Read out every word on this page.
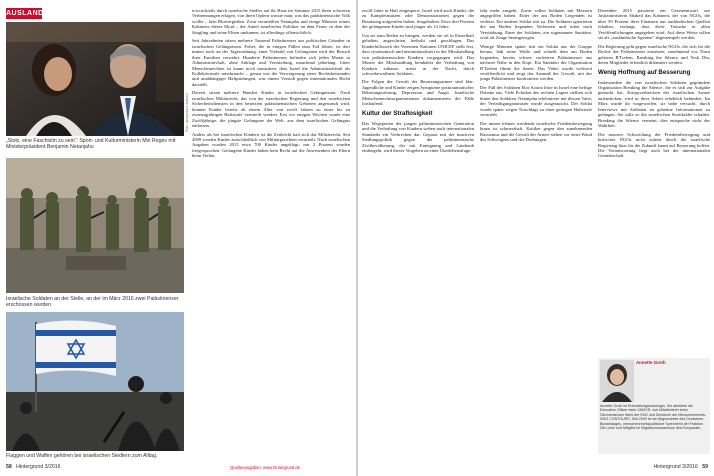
AUSLAND
Foto: dpa/picture alliance
„Stolz, eine Faschistin zu sein": Sport- und Kulturministerin Miri Regev mit Ministerpräsident Benjamin Netanjahu
Israelische Soldaten an der Stelle, an der im März 2016 zwei Palästinenser erschossen wurden
Flaggen und Waffen gehören bei israelischen Siedlern zum Alltag.
towcockteils durch israelische Siedler auf ihr Haus im Sommer 2015 ihren schweren Verbrennungen erlagen, von ihren Opfern wusste man, was das palästinensische Volk wollte – kein Blutvergießen. Zwar verurteilten Netanjahu und einige Minister seines Kabinetts dieses Mord – der Anteil israelischer Politiker an dem Feuer, in dem der Säugling und seine Eltern umkamen, ist allerdings offensichtlich.
Seit Jahrzehnten sitzen mehrere Tausend Palästinenser aus politischen Gründen in israelischen Gefängnissen. Folter, die in einigen Fällen zum Tod führte, ist dort immer noch an der Tagesordnung, einer Vielzahl von Gefangenen wird der Besuch ihrer Familien verwehrt. Hunderte Palästinenser befinden sich jeden Monat in Administrativhaft, ohne Anklage und Verurteilung, manchmal jahrelang. Unter Menschenrechten ist kaum noch umstritten, dass Israel die Administrativhaft als Kollektivstrafe missbraucht – genau wie die Verweigerung eines Rechtsbeistandes und unabhängiger Haftprüfungen, was einem Verstoß gegen internationales Recht darstellt.
Derzeit sitzen mehrere Hundert Kinder in israelischen Gefängnissen. Nach israelischen Militärrecht, das von der israelischen Regierung und den israelischen Sicherheitsdiensten in den besetzten palästinensischen Gebieten angewandt wird, können Kinder bereits ab einem Alter von zwölf Jahren zu einer bis zu zwanzigjährigen Haftstrafe verurteilt werden. Erst vor einigen Wochen wurde eine Zwölfjährige, die jüngste Gefangene der Welt, aus dem israelischen Gefängnis entlassen.
Anders als bei israelischen Kindern ist die Zeitleicht halt sich das Militärrecht. Seit 2009 werden Kinder ausschließlich von Militärgerichten verurteilt. Nach israelischen Angaben wurden 2015 etwa 700 Kinder angeklagt; nur 2 Prozent wurden freigesprochen. Gefangene Kinder haben kein Recht auf die Anwesenheit der Eltern beim Verhör.
58 Hintergrund 3/2016	Quellenangaben: www.hintergrund.de
zwölf Jahre in Haft eingesperrt. Israel wird auch Kinder, die zu Kampfeinsätzen oder Demonstrationen gegen die Besatzung aufgerufen haben, festgehalten. Etwa drei Prozent der gefangenen Kinder sind jünger als 14 Jahre.
Um sie zum Reden zu bringen, werden sie oft in Einzelhaft gehalten, angeschrien, bedroht und geschlagen. Das Kinderhilfswerk der Vereinten Nationen UNICEF stellt fest, dass systematisch und institutionalisiert in der Misshandlung von palästinensischen Kindern vorgegangen wird. Das Muster der Misshandlung beinhaltet die Verhaftung von Kindern zuhause, meist in der Nacht, durch schwerbewaffnete Soldaten.
Die Folgen der Gewalt der Besatzungsarmee sind klar: Jugendliche und Kinder zeigen Symptome posttraumatischer Belastungsstörung, Depression und Angst. Israelische Menschenrechtsorganisationen dokumentieren die Fälle fortlaufend.
Kultur der Straflosigkeit
Das Wegsperren der jungen palästinensischen Generation und die Verhaftung von Kindern stehen nach internationalen Standards ein Verbrechen dar. Gepaart mit der massiven Siedlungspolitik gegen die palästinensische Zivilbevölkerung, der mit Enteignung und Landraub einhergeht, wird dieses Vorgehen zu einer Überlebensfrage.
fahr mehr ausgeht. Zuvor sollen Soldaten mit Messern angegriffen haben. Einer der am Boden Liegenden ist verletzt. Ein anderer Soldat tritt zu. Die Soldaten ignorieren die am Boden liegenden Verletzten und rufen nach Verstärkung. Einer der Soldaten, ein sogenannter Sanitäter, wird als Zeuge herangezogen.
Wenige Minuten später tritt ein Soldat aus der Gruppe heraus, lädt seine Waffe und schießt dem am Boden liegenden, bereits schwer verletzten Palästinenser aus nächster Nähe in den Kopf. Ein Sanitäter der Organisation B'Tselem filmte die Szene. Das Video wurde weltweit veröffentlicht und zeigt das Ausmaß der Gewalt, mit der junge Palästinenser konfrontiert werden.
Der Fall des Soldaten Elor Azaria löste in Israel eine heftige Debatte aus. Viele Politiker des rechten Lagers stellten sich hinter den Soldaten. Netanjahu telefonierte mit dessen Vater, der Verteidigungsminister wurde ausgetauscht. Der Soldat wurde später wegen Totschlags zu einer geringen Haftstrafe verurteilt.
Der immer kleiner werdende israelische Friedensbewegung hinzu ist schmerzhaft. Kritiker gegen den zunehmenden Rassismus und die Gewalt der Armee stehen vor einer Wand des Schweigens und der Drohungen.
Dezember 2015 passierte ein Gesetzentwurf zur Justizministerin Shaked das Kabinett, der von NGOs, die über 50 Prozent ihrer Finanzen aus ausländischen Quellen erhalten, verlangt, dass diese Tatsache in allen Veröffentlichungen angegeben wird. Auf diese Weise sollen sie als „ausländische Agenten" abgestempelt werden.
Die Regierung geht gegen israelische NGOs, die sich für die Rechte der Palästinenser einsetzen, zunehmend vor. Dazu gehören B'Tselem, Breaking the Silence und Yesh Din, deren Mitglieder öffentlich diffamiert werden.
Wenig Hoffnung auf Besserung
Insbesondere die von israelischen Soldaten gegründete Organisation Breaking the Silence, die es sich zur Aufgabe gemacht hat, Kriegsverbrechen der israelischen Armee aufzudecken, wird in ihrer Arbeit erheblich behindert. Im März wurde ihr vorgeworfen, sie habe versucht, durch Interviews mit Soldaten an geheime Informationen zu gelangen. Sie solle so die israelischen Streitkräfte schaden. Breaking the Silence verneint, dies entspreche nicht der Wahrheit.
Die massive Schwächung der Friedensbewegung und kritischer NGOs nicht zuletzt durch die israelische Regierung lässt für die Zukunft kaum auf Besserung hoffen. Die Verantwortung liegt auch bei der internationalen Gemeinschaft.
Annette Groth
Annette Groth ist Entwicklungssoziologin. Sie arbeitete als Education Officer beim UNHCR, war Mitarbeiterin beim Ökumenischen Werk der EKD und Direktorin der Menschenrechts-NGO CONTOURS. Seit 2009 ist sie Abgeordnete des Deutschen Bundestages, menschenrechtspolitische Sprecherin der Fraktion Die Linke und Mitglied im Migrationsausschuss des Europarats.
Hintergrund 3/2016 59
